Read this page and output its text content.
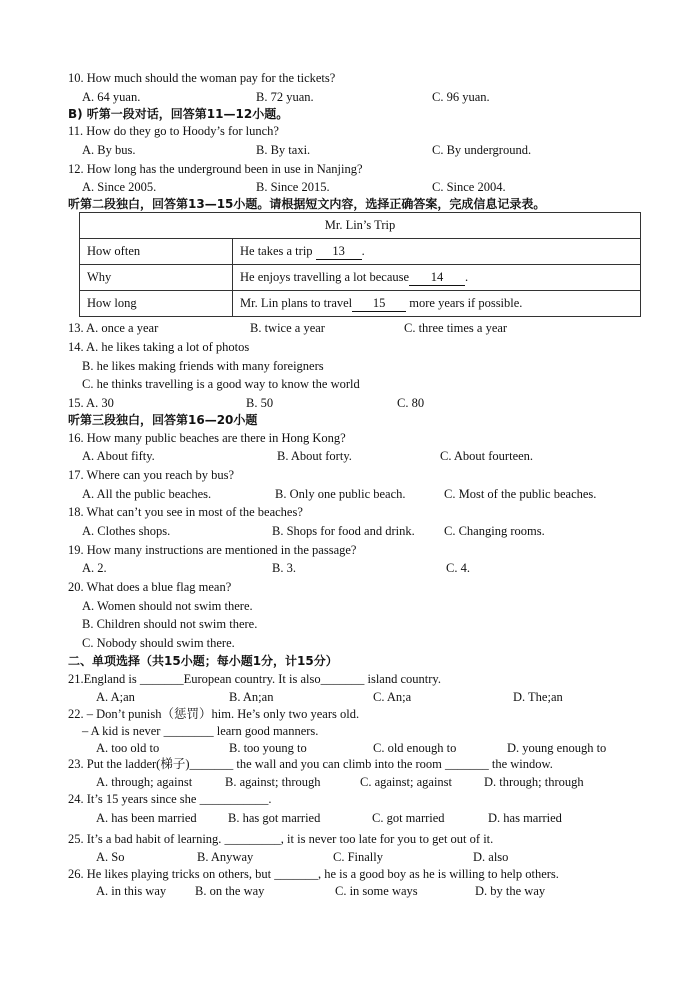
10. How much should the woman pay for the tickets?
A. 64 yuan.	B. 72 yuan.	C. 96 yuan.
B) 听第一段对话，回答第11—12小题。
11. How do they go to Hoody’s for lunch?
A. By bus.	B. By taxi.	C. By underground.
12. How long has the underground been in use in Nanjing?
A. Since 2005.	B. Since 2015.	C. Since 2004.
听第二段独白，回答第13—15小题。请根据短文内容，选择正确答案，完成信息记录表。
Mr. Lin’s Trip	
How often	He takes a trip 13 .
Why	He enjoys travelling a lot because 14 .
How long	Mr. Lin plans to travel 15 more years if possible.
13. A. once a year	B. twice a year	C. three times a year
14. A. he likes taking a lot of photos
B. he likes making friends with many foreigners
C. he thinks travelling is a good way to know the world
15. A. 30	B. 50	C. 80
听第三段独白，回答第16—20小题
16. How many public beaches are there in Hong Kong?
A. About fifty.	B. About forty.	C. About fourteen.
17. Where can you reach by bus?
A. All the public beaches.	B. Only one public beach.	C. Most of the public beaches.
18. What can’t you see in most of the beaches?
A. Clothes shops.	B. Shops for food and drink. C. Changing rooms.
19. How many instructions are mentioned in the passage?
A. 2.	B. 3.	C. 4.
20. What does a blue flag mean?
A. Women should not swim there.
B. Children should not swim there.
C. Nobody should swim there.
二、单项选择（共15小题；每小题1分，计15分）
21.England is _______European country. It is also_______ island country.
A. A;an	B. An;an	C. An;a	D. The;an
22. – Don’t punish（惩罚）him. He’s only two years old.
– A kid is never ________ learn good manners.
A. too old to	B. too young to	C. old enough to	D. young enough to
23. Put the ladder(梯子)_______ the wall and you can climb into the room _______ the window.
A. through; against	B. against; through	C. against; against	D. through; through
24. It’s 15 years since she ___________.
A. has been married	B. has got married	C. got married	D. has married
25. It’s a bad habit of learning. _________, it is never too late for you to get out of it.
A. So	B. Anyway	C. Finally	D. also
26. He likes playing tricks on others, but _______, he is a good boy as he is willing to help others.
A. in this way B. on the way	C. in some ways	D. by the way
